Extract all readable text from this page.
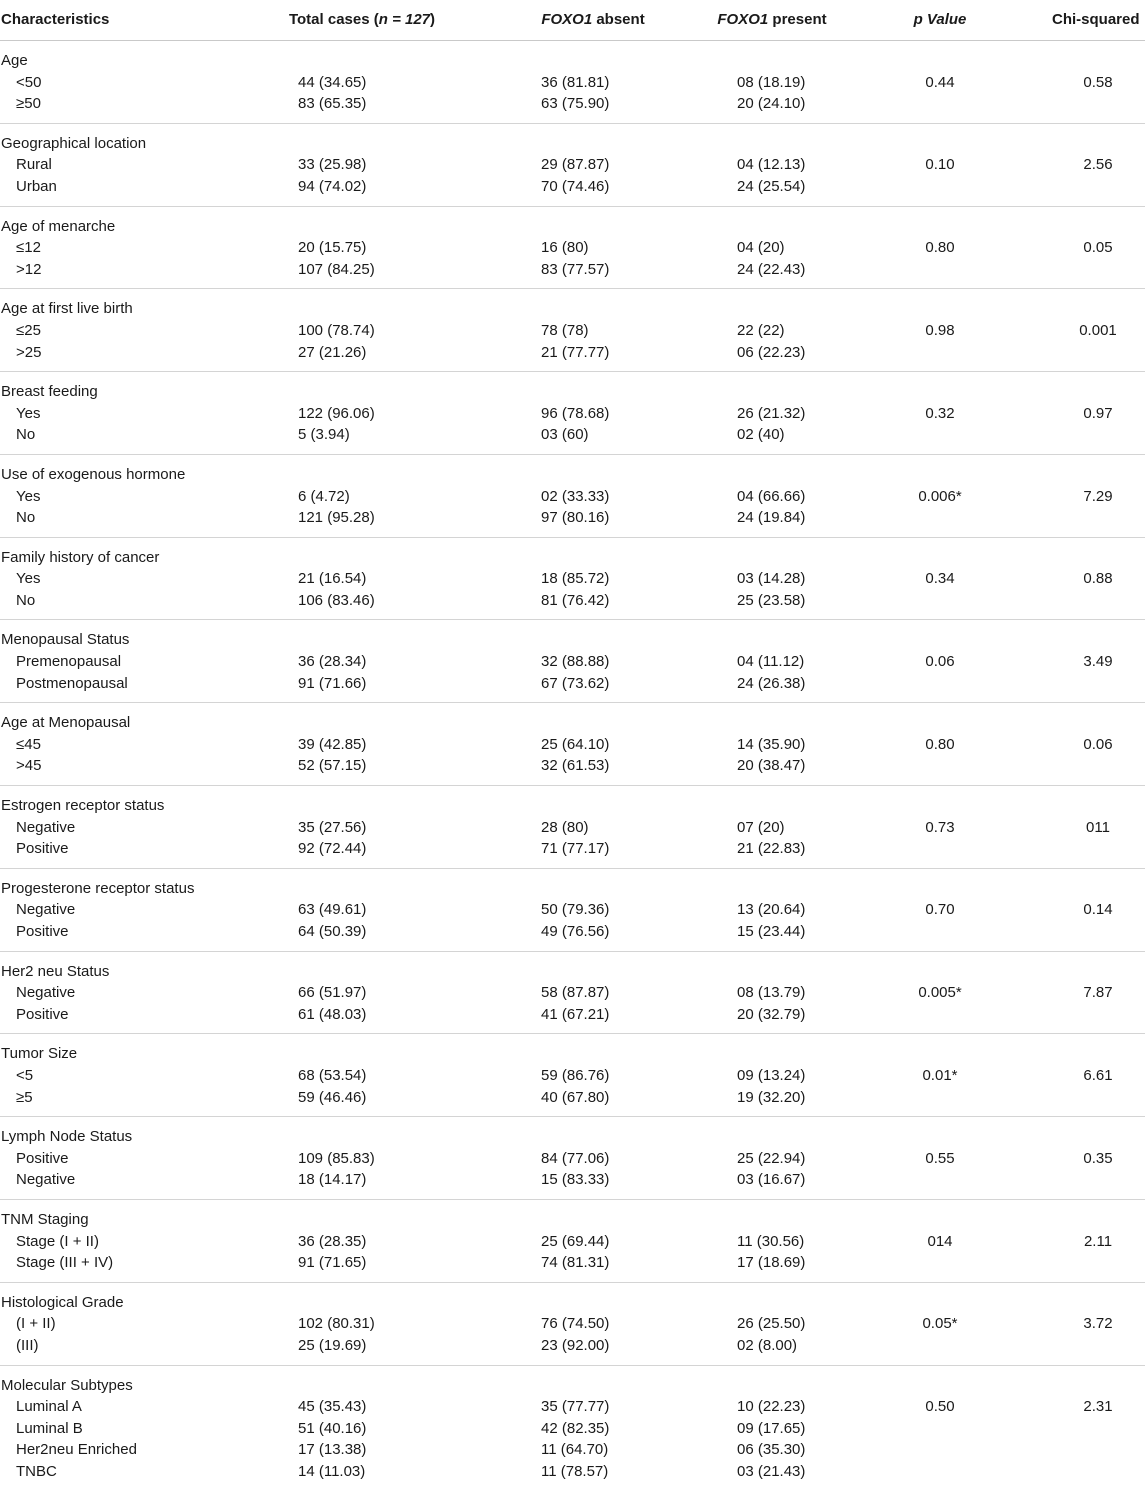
Characteristics	Total cases (n = 127)	FOXO1 absent	FOXO1 present	p Value	Chi-squared
Age
<50	44 (34.65)	36 (81.81)	08 (18.19)	0.44	0.58
≥50	83 (65.35)	63 (75.90)	20 (24.10)
Geographical location
Rural	33 (25.98)	29 (87.87)	04 (12.13)	0.10	2.56
Urban	94 (74.02)	70 (74.46)	24 (25.54)
Age of menarche
≤12	20 (15.75)	16 (80)	04 (20)	0.80	0.05
>12	107 (84.25)	83 (77.57)	24 (22.43)
Age at first live birth
≤25	100 (78.74)	78 (78)	22 (22)	0.98	0.001
>25	27 (21.26)	21 (77.77)	06 (22.23)
Breast feeding
Yes	122 (96.06)	96 (78.68)	26 (21.32)	0.32	0.97
No	5 (3.94)	03 (60)	02 (40)
Use of exogenous hormone
Yes	6 (4.72)	02 (33.33)	04 (66.66)	0.006*	7.29
No	121 (95.28)	97 (80.16)	24 (19.84)
Family history of cancer
Yes	21 (16.54)	18 (85.72)	03 (14.28)	0.34	0.88
No	106 (83.46)	81 (76.42)	25 (23.58)
Menopausal Status
Premenopausal	36 (28.34)	32 (88.88)	04 (11.12)	0.06	3.49
Postmenopausal	91 (71.66)	67 (73.62)	24 (26.38)
Age at Menopausal
≤45	39 (42.85)	25 (64.10)	14 (35.90)	0.80	0.06
>45	52 (57.15)	32 (61.53)	20 (38.47)
Estrogen receptor status
Negative	35 (27.56)	28 (80)	07 (20)	0.73	011
Positive	92 (72.44)	71 (77.17)	21 (22.83)
Progesterone receptor status
Negative	63 (49.61)	50 (79.36)	13 (20.64)	0.70	0.14
Positive	64 (50.39)	49 (76.56)	15 (23.44)
Her2 neu Status
Negative	66 (51.97)	58 (87.87)	08 (13.79)	0.005*	7.87
Positive	61 (48.03)	41 (67.21)	20 (32.79)
Tumor Size
<5	68 (53.54)	59 (86.76)	09 (13.24)	0.01*	6.61
≥5	59 (46.46)	40 (67.80)	19 (32.20)
Lymph Node Status
Positive	109 (85.83)	84 (77.06)	25 (22.94)	0.55	0.35
Negative	18 (14.17)	15 (83.33)	03 (16.67)
TNM Staging
Stage (I + II)	36 (28.35)	25 (69.44)	11 (30.56)	014	2.11
Stage (III + IV)	91 (71.65)	74 (81.31)	17 (18.69)
Histological Grade
(I + II)	102 (80.31)	76 (74.50)	26 (25.50)	0.05*	3.72
(III)	25 (19.69)	23 (92.00)	02 (8.00)
Molecular Subtypes
Luminal A	45 (35.43)	35 (77.77)	10 (22.23)	0.50	2.31
Luminal B	51 (40.16)	42 (82.35)	09 (17.65)
Her2neu Enriched	17 (13.38)	11 (64.70)	06 (35.30)
TNBC	14 (11.03)	11 (78.57)	03 (21.43)
